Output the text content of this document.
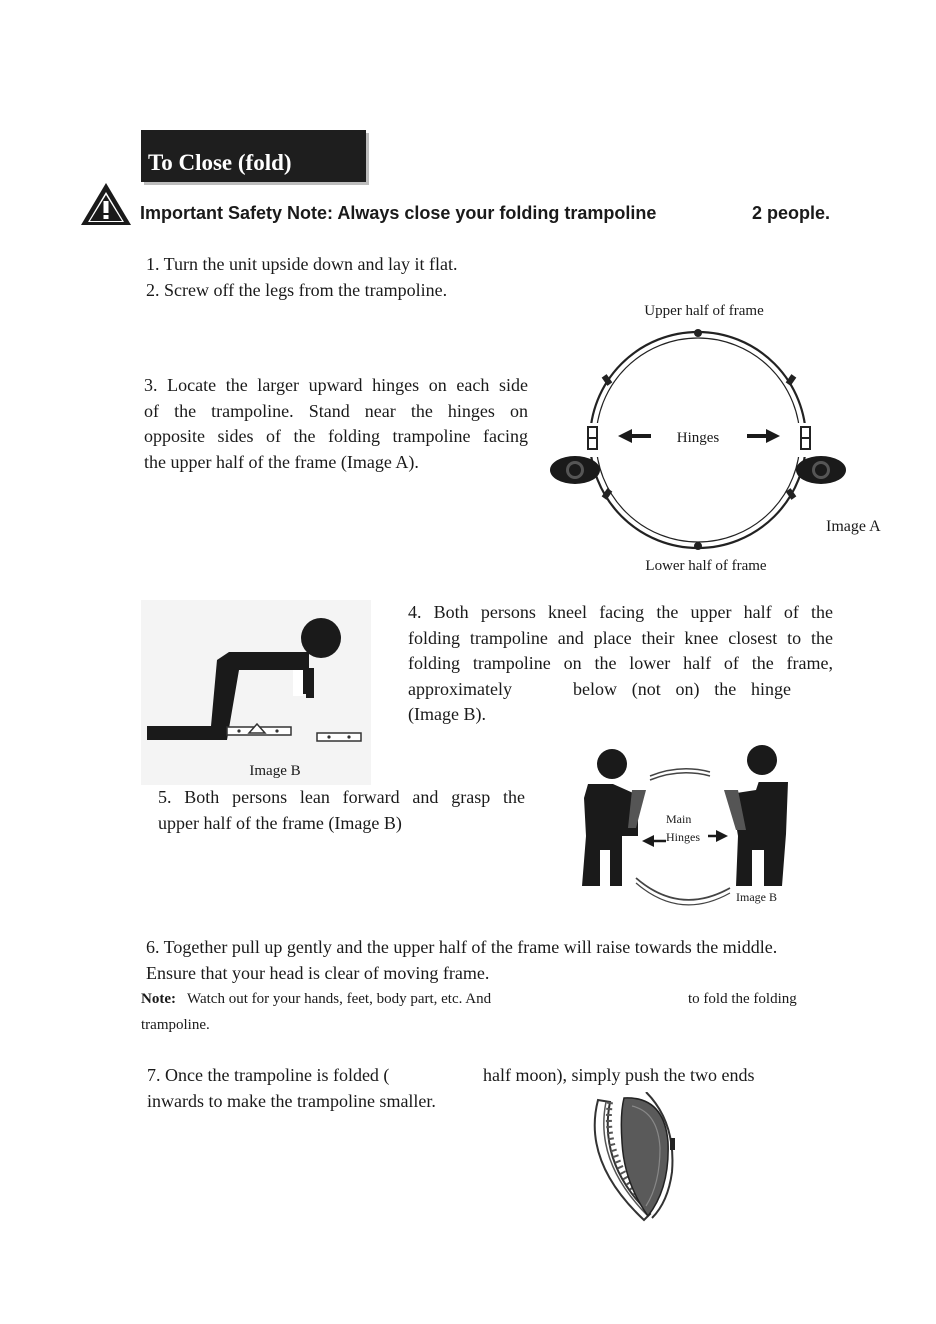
To Close (fold)
Important Safety Note: Always close your folding trampoline	2 people.
1. Turn the unit upside down and lay it flat.
2. Screw off the legs from the trampoline.
3. Locate the larger upward hinges on each side
of the trampoline. Stand near the hinges on
opposite sides of the folding trampoline facing
the upper half of the frame (Image A).
Upper half of frame
Hinges
Image A
Lower half of frame
Image B
4. Both persons kneel facing the upper half of the
folding trampoline and place their knee closest to the
folding trampoline on the lower half of the frame,
approximately	below (not on) the hinge
(Image B).
5. Both persons lean forward and grasp the
upper half of the frame (Image B)	Main
Hinges
Image B
6. Together pull up gently and the upper half of the frame will raise towards the middle.
Ensure that your head is clear of moving frame.
Note: Watch out for your hands, feet, body part, etc. And	to fold the folding
trampoline.
7. Once the trampoline is folded (	half moon), simply push the two ends
inwards to make the trampoline smaller.
